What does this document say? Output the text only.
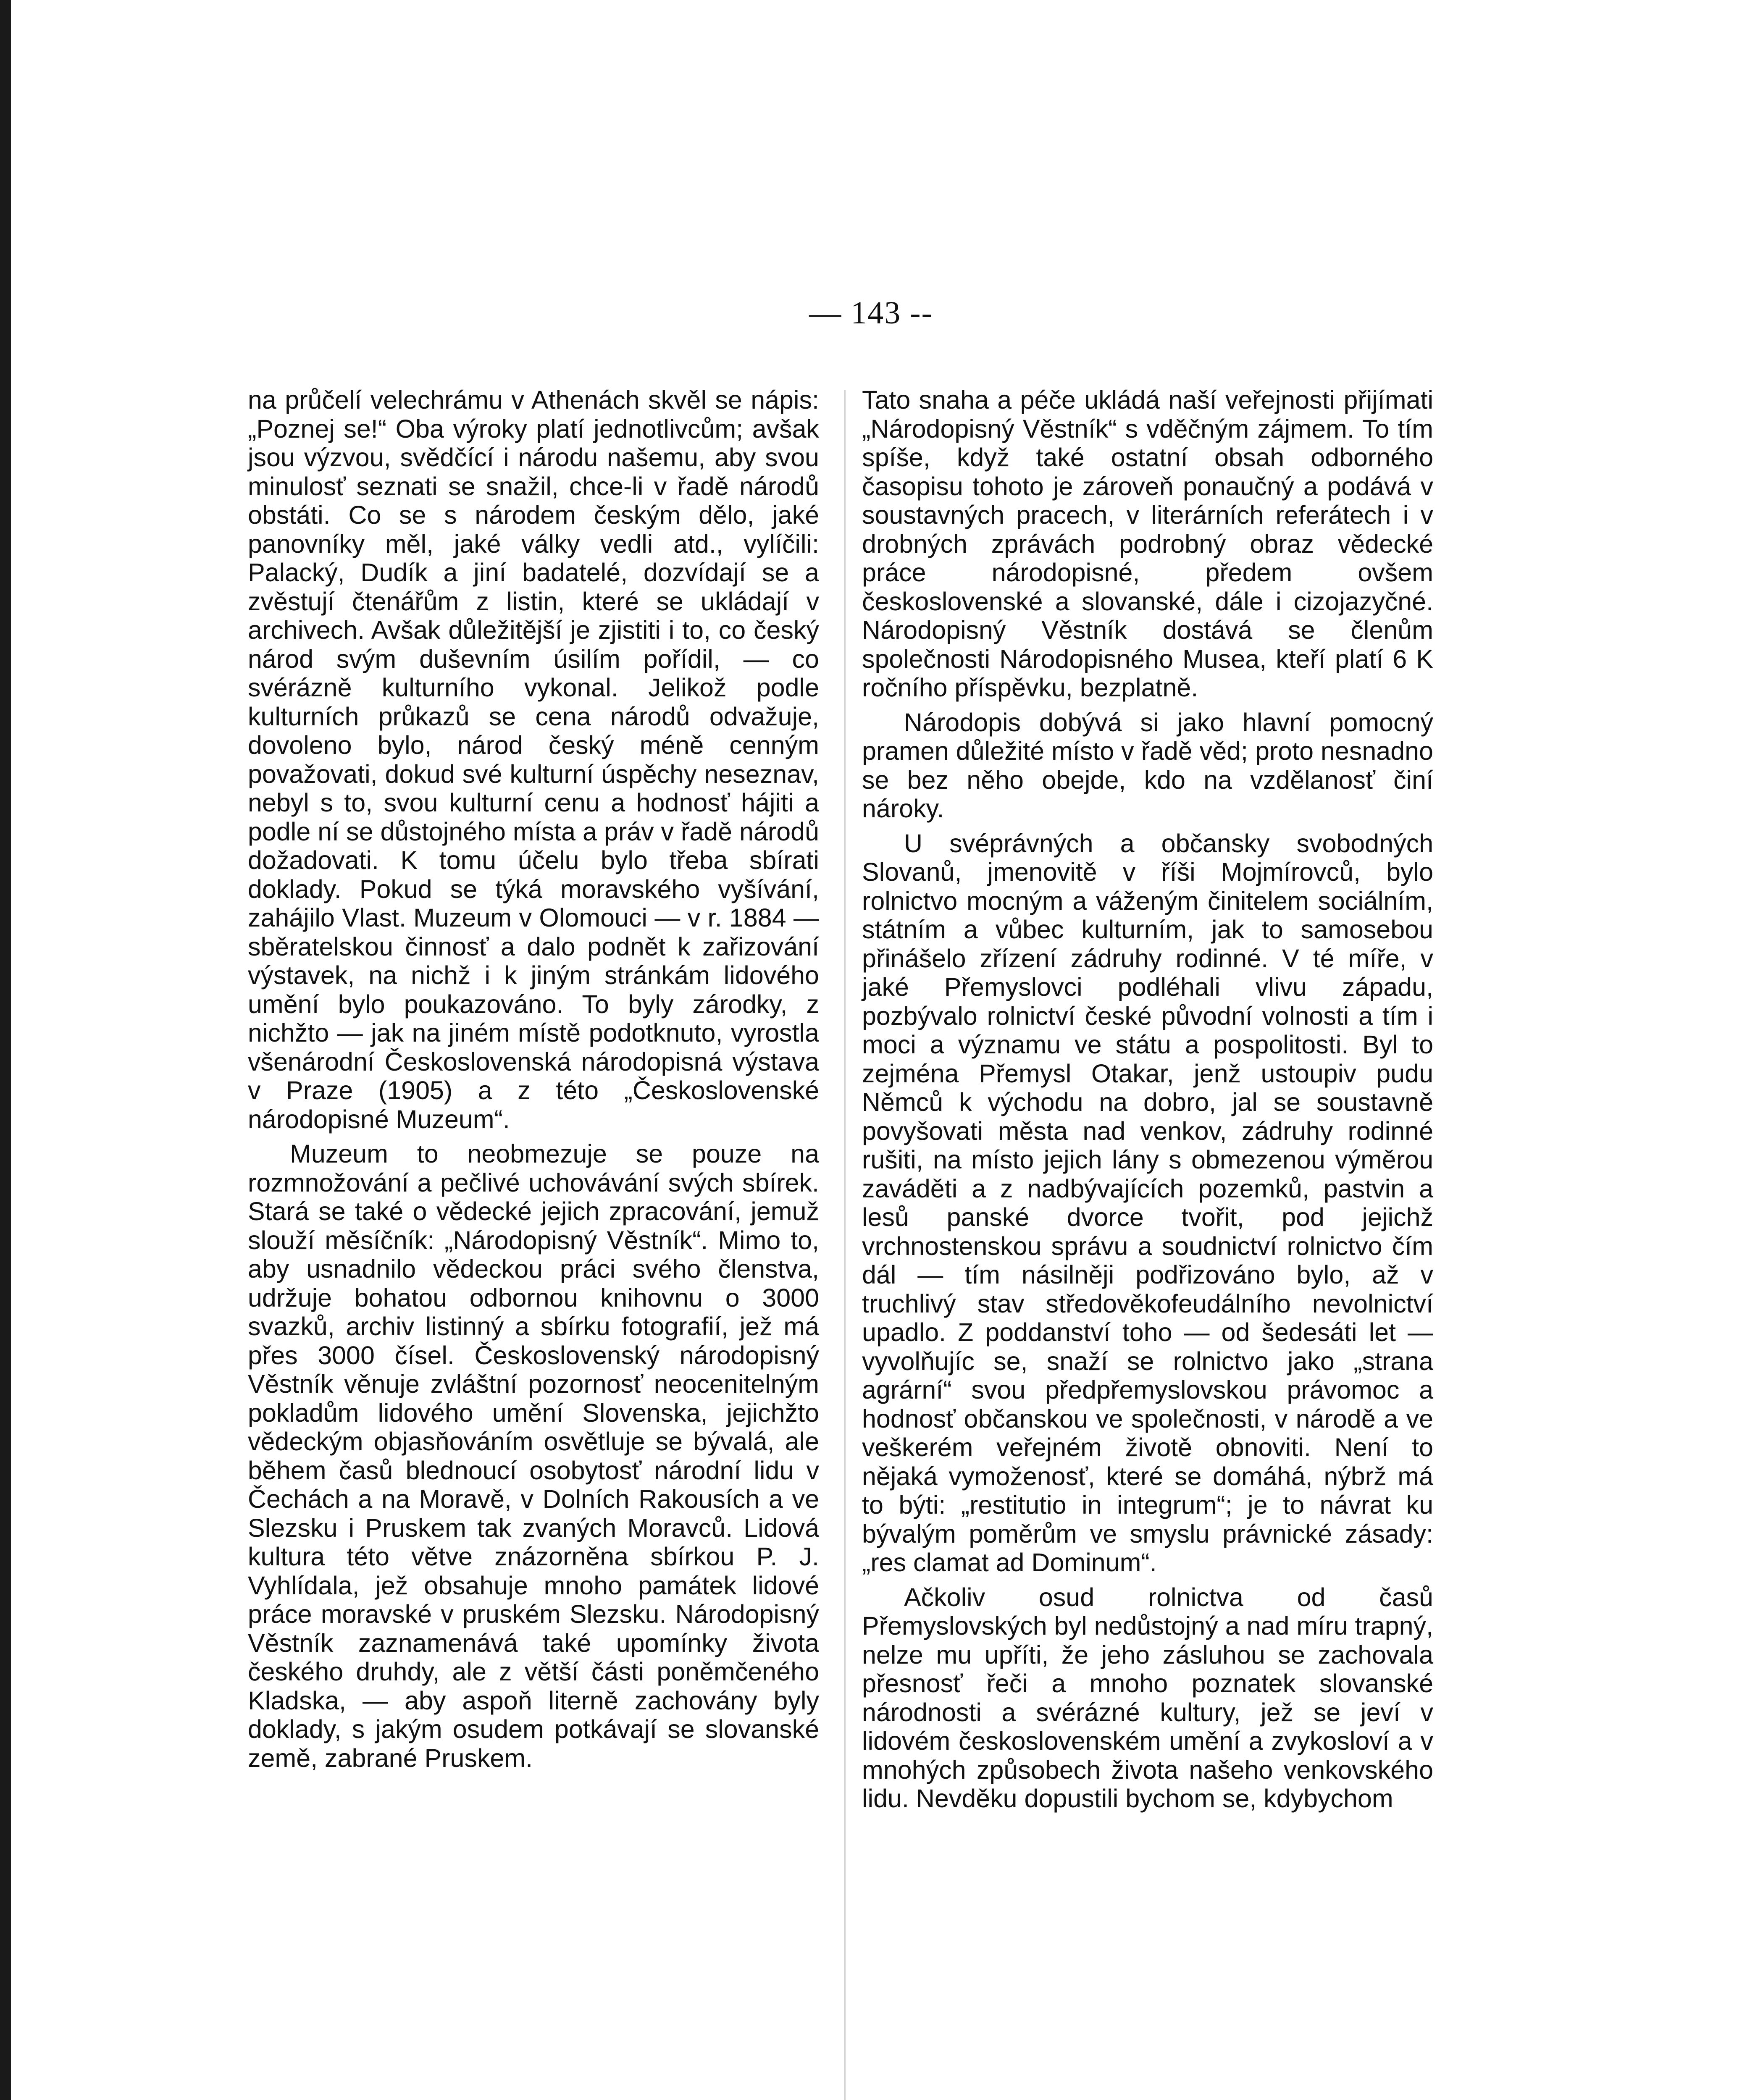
— 143 --

na průčelí velechrámu v Athenách skvěl se nápis: „Poznej se!“ Oba výroky platí jednotlivcům; avšak jsou výzvou, svědčící i národu našemu, aby svou minulosť seznati se snažil, chce-li v řadě národů obstáti. Co se s národem českým dělo, jaké panovníky měl, jaké války vedli atd., vylíčili: Palacký, Dudík a jiní badatelé, dozvídají se a zvěstují čtenářům z listin, které se ukládají v archivech. Avšak důležitější je zjistiti i to, co český národ svým duševním úsilím pořídil, — co svérázně kulturního vykonal. Jelikož podle kulturních průkazů se cena národů odvažuje, dovoleno bylo, národ český méně cenným považovati, dokud své kulturní úspěchy neseznav, nebyl s to, svou kulturní cenu a hodnosť hájiti a podle ní se důstojného místa a práv v řadě národů dožadovati. K tomu účelu bylo třeba sbírati doklady. Pokud se týká moravského vyšívání, zahájilo Vlast. Muzeum v Olomouci — v r. 1884 — sběratelskou činnosť a dalo podnět k zařizování výstavek, na nichž i k jiným stránkám lidového umění bylo poukazováno. To byly zárodky, z nichžto — jak na jiném místě podotknuto, vyrostla všenárodní Československá národopisná výstava v Praze (1905) a z této „Československé národopisné Muzeum“.

Muzeum to neobmezuje se pouze na rozmnožování a pečlivé uchovávání svých sbírek. Stará se také o vědecké jejich zpracování, jemuž slouží měsíčník: „Národopisný Věstník“. Mimo to, aby usnadnilo vědeckou práci svého členstva, udržuje bohatou odbornou knihovnu o 3000 svazků, archiv listinný a sbírku fotografií, jež má přes 3000 čísel. Československý národopisný Věstník věnuje zvláštní pozornosť neocenitelným pokladům lidového umění Slovenska, jejichžto vědeckým objasňováním osvětluje se bývalá, ale během časů blednoucí osobytosť národní lidu v Čechách a na Moravě, v Dolních Rakousích a ve Slezsku i Pruskem tak zvaných Moravců. Lidová kultura této větve znázorněna sbírkou P. J. Vyhlídala, jež obsahuje mnoho památek lidové práce moravské v pruském Slezsku. Národopisný Věstník zaznamenává také upomínky života českého druhdy, ale z větší části poněmčeného Kladska, — aby aspoň literně zachovány byly doklady, s jakým osudem potkávají se slovanské země, zabrané Pruskem.

Tato snaha a péče ukládá naší veřejnosti přijímati „Národopisný Věstník“ s vděčným zájmem. To tím spíše, když také ostatní obsah odborného časopisu tohoto je zároveň ponaučný a podává v soustavných pracech, v literárních referátech i v drobných zprávách podrobný obraz vědecké práce národopisné, předem ovšem československé a slovanské, dále i cizojazyčné. Národopisný Věstník dostává se členům společnosti Národopisného Musea, kteří platí 6 K ročního příspěvku, bezplatně.

Národopis dobývá si jako hlavní pomocný pramen důležité místo v řadě věd; proto nesnadno se bez něho obejde, kdo na vzdělanosť činí nároky.

U svéprávných a občansky svobodných Slovanů, jmenovitě v říši Mojmírovců, bylo rolnictvo mocným a váženým činitelem sociálním, státním a vůbec kulturním, jak to samosebou přinášelo zřízení zádruhy rodinné. V té míře, v jaké Přemyslovci podléhali vlivu západu, pozbývalo rolnictví české původní volnosti a tím i moci a významu ve státu a pospolitosti. Byl to zejména Přemysl Otakar, jenž ustoupiv pudu Němců k východu na dobro, jal se soustavně povyšovati města nad venkov, zádruhy rodinné rušiti, na místo jejich lány s obmezenou výměrou zaváděti a z nadbývajících pozemků, pastvin a lesů panské dvorce tvořit, pod jejichž vrchnostenskou správu a soudnictví rolnictvo čím dál — tím násilněji podřizováno bylo, až v truchlivý stav středověkofeudálního nevolnictví upadlo. Z poddanství toho — od šedesáti let — vyvolňujíc se, snaží se rolnictvo jako „strana agrární“ svou předpřemyslovskou právomoc a hodnosť občanskou ve společnosti, v národě a ve veškerém veřejném životě obnoviti. Není to nějaká vymoženosť, které se domáhá, nýbrž má to býti: „restitutio in integrum“; je to návrat ku bývalým poměrům ve smyslu právnické zásady: „res clamat ad Dominum“.

Ačkoliv osud rolnictva od časů Přemyslovských byl nedůstojný a nad míru trapný, nelze mu upříti, že jeho zásluhou se zachovala přesnosť řeči a mnoho poznatek slovanské národnosti a svérázné kultury, jež se jeví v lidovém československém umění a zvykosloví a v mnohých způsobech života našeho venkovského lidu. Nevděku dopustili bychom se, kdybychom
